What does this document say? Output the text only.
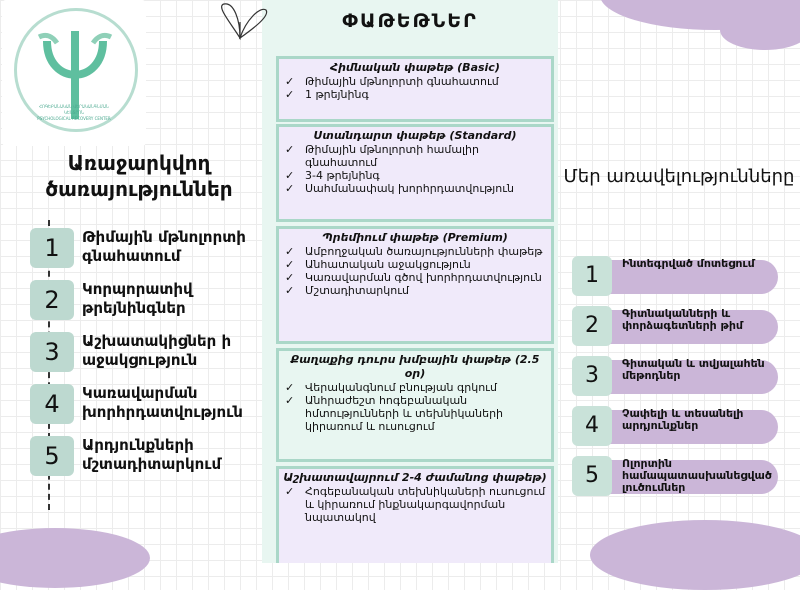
ՀՈԳԵԲԱՆԱԿԱՆ ՎԵՐԱԿԱՆԳՆՄԱՆ
ԿԵՆՏՐՈՆ
PSYCHOLOGICAL RECOVERY CENTER
Առաջարկվող ծառայություններ
1	Թիմային մթնոլորտի գնահատում
2	Կորպորատիվ թրեյնինգներ
3	Աշխատակիցներ ի աջակցություն
4	Կառավարման խորհրդատվություն
5	Արդյունքների մշտադիտարկում
ՓԱԹԵԹՆԵՐ
Հիմնական փաթեթ (Basic)
✓ Թիմային մթնոլորտի գնահատում
✓ 1 թրեյնինգ
Ստանդարտ փաթեթ (Standard)
✓ Թիմային մթնոլորտի համալիր գնահատում
✓ 3-4 թրեյնինգ
✓ Սահմանափակ խորհրդատվություն
Պրեմիում փաթեթ (Premium)
✓ Ամբողջական ծառայությունների փաթեթ
✓ Անհատական աջակցություն
✓ Կառավարման գծով խորհրդատվություն
✓ Մշտադիտարկում
Քաղաքից դուրս խմբային փաթեթ (2.5 օր)
✓ Վերականգնում բնության գրկում
✓ Անհրաժեշտ հոգեբանական հմտությունների և տեխնիկաների կիրառում և ուսուցում
Աշխատավայրում 2-4 ժամանոց փաթեթ)
✓ Հոգեբանական տեխնիկաների ուսուցում և կիրառում ինքնակարգավորման նպատակով
Մեր առավելությունները
1	Ինտեգրված մոտեցում
2	Գիտնականների և փորձագետների թիմ
3	Գիտական և տվյալահեն մեթոդներ
4	Չափելի և տեսանելի արդյունքներ
5	Ոլորտին համապատասխանեցված լուծումներ
